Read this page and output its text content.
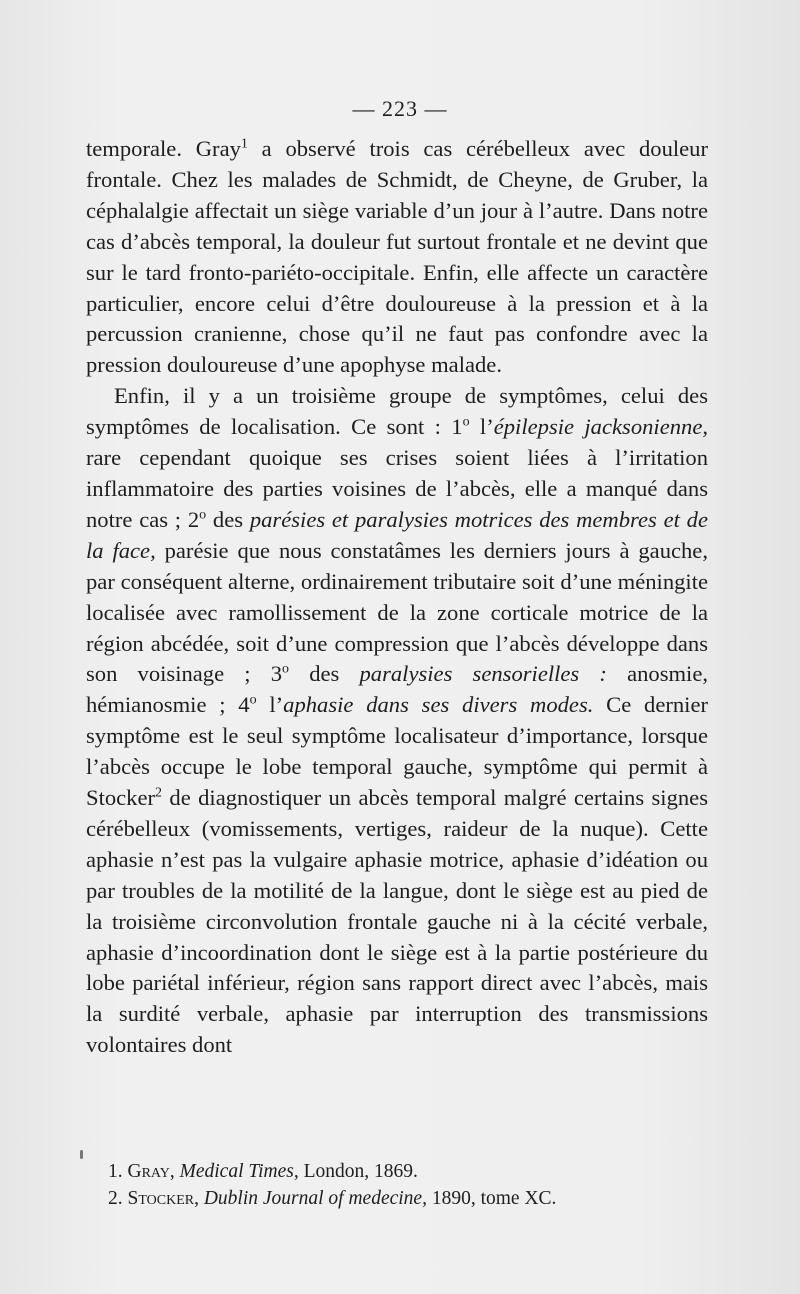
— 223 —

temporale. Gray$^1$ a observé trois cas cérébelleux avec douleur frontale. Chez les malades de Schmidt, de Cheyne, de Gruber, la céphalalgie affectait un siège variable d’un jour à l’autre. Dans notre cas d’abcès temporal, la douleur fut surtout frontale et ne devint que sur le tard fronto-pariéto-occipitale. Enfin, elle affecte un caractère particulier, encore celui d’être douloureuse à la pression et à la percussion cranienne, chose qu’il ne faut pas confondre avec la pression douloureuse d’une apophyse malade.

Enfin, il y a un troisième groupe de symptômes, celui des symptômes de localisation. Ce sont : 1$^o$ l’épilepsie jacksonienne, rare cependant quoique ses crises soient liées à l’irritation inflammatoire des parties voisines de l’abcès, elle a manqué dans notre cas ; 2$^o$ des parésies et paralysies motrices des membres et de la face, parésie que nous constatâmes les derniers jours à gauche, par conséquent alterne, ordinairement tributaire soit d’une méningite localisée avec ramollissement de la zone corticale motrice de la région abcédée, soit d’une compression que l’abcès développe dans son voisinage ; 3$^o$ des paralysies sensorielles : anosmie, hémianosmie ; 4$^o$ l’aphasie dans ses divers modes. Ce dernier symptôme est le seul symptôme localisateur d’importance, lorsque l’abcès occupe le lobe temporal gauche, symptôme qui permit à Stocker$^2$ de diagnostiquer un abcès temporal malgré certains signes cérébelleux (vomissements, vertiges, raideur de la nuque). Cette aphasie n’est pas la vulgaire aphasie motrice, aphasie d’idéation ou par troubles de la motilité de la langue, dont le siège est au pied de la troisième circonvolution frontale gauche ni à la cécité verbale, aphasie d’incoordination dont le siège est à la partie postérieure du lobe pariétal inférieur, région sans rapport direct avec l’abcès, mais la surdité verbale, aphasie par interruption des transmissions volontaires dont

1. Gray, Medical Times, London, 1869.

2. Stocker, Dublin Journal of medecine, 1890, tome XC.
